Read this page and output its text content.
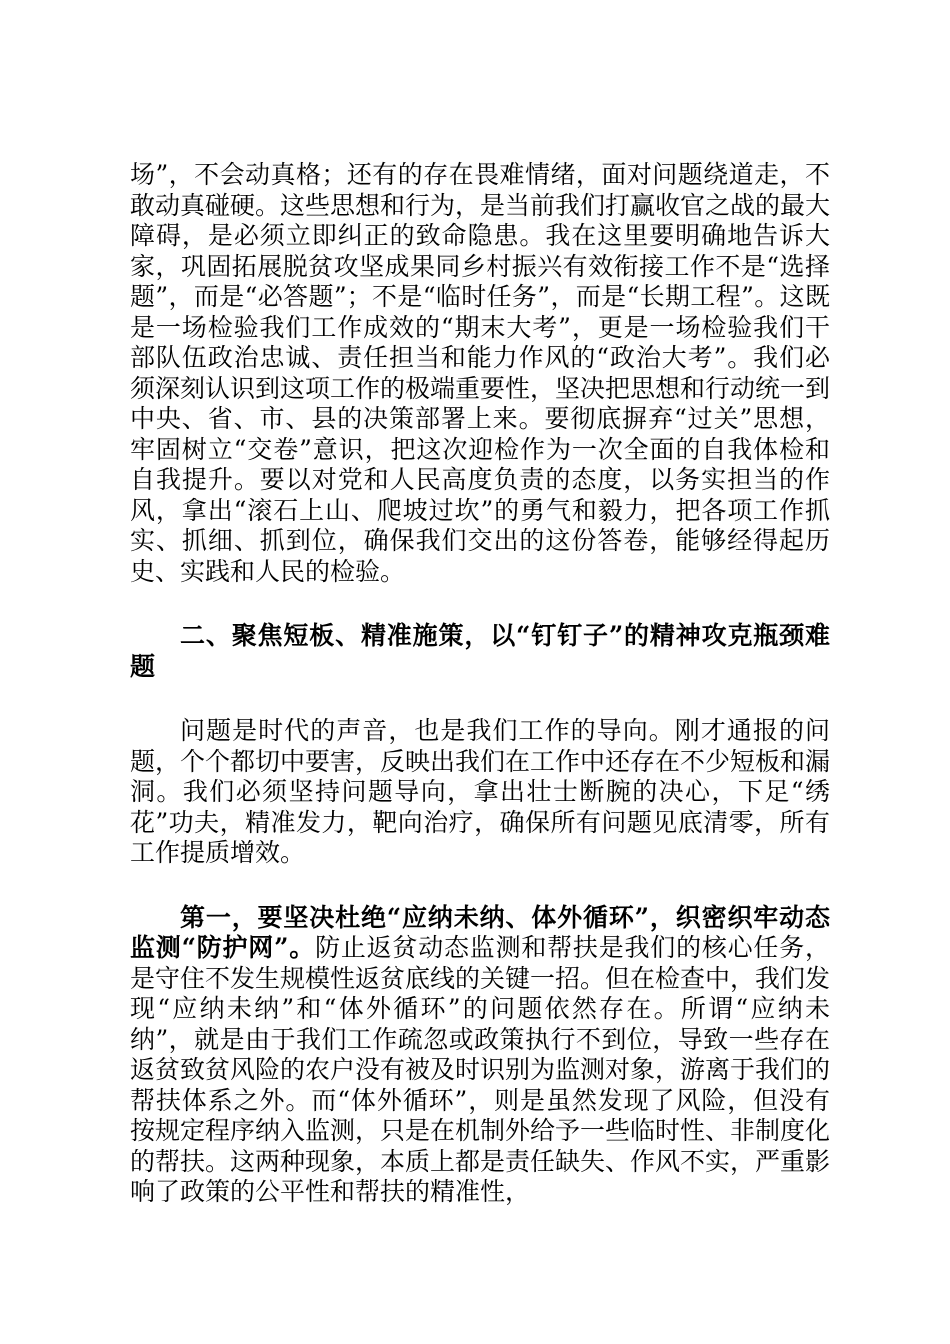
场”，不会动真格；还有的存在畏难情绪，面对问题绕道走，不敢动真碰硬。这些思想和行为，是当前我们打赢收官之战的最大障碍，是必须立即纠正的致命隐患。我在这里要明确地告诉大家，巩固拓展脱贫攻坚成果同乡村振兴有效衔接工作不是“选择题”，而是“必答题”；不是“临时任务”，而是“长期工程”。这既是一场检验我们工作成效的“期末大考”，更是一场检验我们干部队伍政治忠诚、责任担当和能力作风的“政治大考”。我们必须深刻认识到这项工作的极端重要性，坚决把思想和行动统一到中央、省、市、县的决策部署上来。要彻底摒弃“过关”思想，牢固树立“交卷”意识，把这次迎检作为一次全面的自我体检和自我提升。要以对党和人民高度负责的态度，以务实担当的作风，拿出“滚石上山、爬坡过坎”的勇气和毅力，把各项工作抓实、抓细、抓到位，确保我们交出的这份答卷，能够经得起历史、实践和人民的检验。

二、聚焦短板、精准施策，以“钉钉子”的精神攻克瓶颈难题

问题是时代的声音，也是我们工作的导向。刚才通报的问题，个个都切中要害，反映出我们在工作中还存在不少短板和漏洞。我们必须坚持问题导向，拿出壮士断腕的决心，下足“绣花”功夫，精准发力，靶向治疗，确保所有问题见底清零，所有工作提质增效。

第一，要坚决杜绝“应纳未纳、体外循环”，织密织牢动态监测“防护网”。防止返贫动态监测和帮扶是我们的核心任务，是守住不发生规模性返贫底线的关键一招。但在检查中，我们发现“应纳未纳”和“体外循环”的问题依然存在。所谓“应纳未纳”，就是由于我们工作疏忽或政策执行不到位，导致一些存在返贫致贫风险的农户没有被及时识别为监测对象，游离于我们的帮扶体系之外。而“体外循环”，则是虽然发现了风险，但没有按规定程序纳入监测，只是在机制外给予一些临时性、非制度化的帮扶。这两种现象，本质上都是责任缺失、作风不实，严重影响了政策的公平性和帮扶的精准性，
